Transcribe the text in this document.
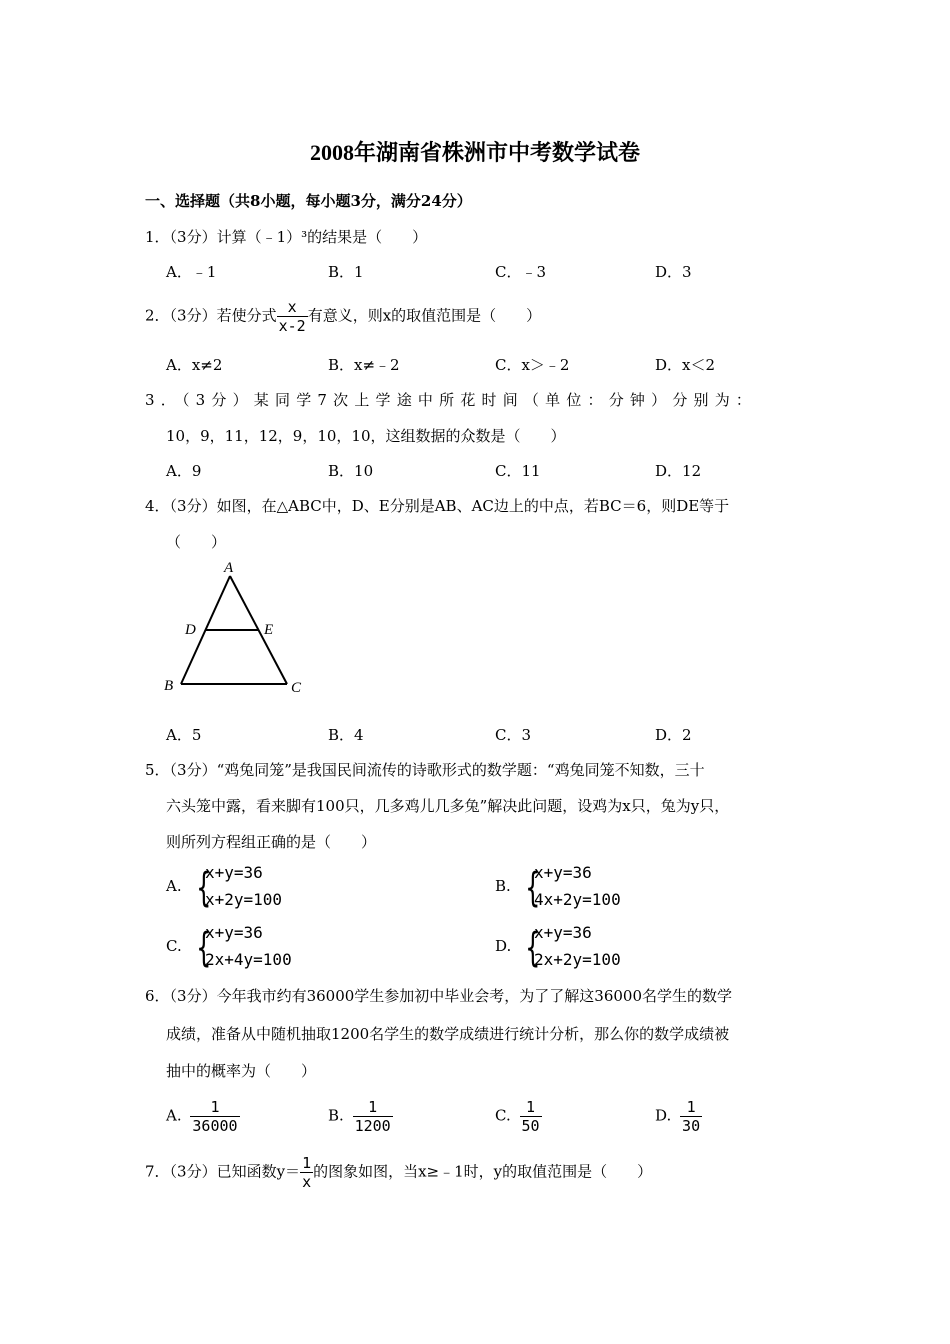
2008年湖南省株洲市中考数学试卷
一、选择题（共8小题，每小题3分，满分24分）
1．（3分）计算（﹣1）³的结果是（　　）
A．﹣1	B．1	C．﹣3	D．3
2．（3分）若使分式 $\frac{x}{x-2}$ 有意义，则x的取值范围是（　　）
A．x≠2	B．x≠﹣2	C．x＞﹣2	D．x＜2
3．（3分）某同学7次上学途中所花时间（单位：分钟）分别为：
10，9，11，12，9，10，10，这组数据的众数是（　　）
A．9	B．10	C．11	D．12
4．（3分）如图，在△ABC中，D、E分别是AB、AC边上的中点，若BC＝6，则DE等于
（　　）
A
B	C
D	E
A．5	B．4	C．3	D．2
5．（3分）“鸡兔同笼”是我国民间流传的诗歌形式的数学题：“鸡兔同笼不知数，三十
六头笼中露，看来脚有100只，几多鸡儿几多兔”解决此问题，设鸡为x只，兔为y只，
则所列方程组正确的是（　　）
A. {
x+y=36
x+2y=100
B. {
x+y=36
4x+2y=100
C. {
x+y=36
2x+4y=100
D. {
x+y=36
2x+2y=100
6．（3分）今年我市约有36000学生参加初中毕业会考，为了了解这36000名学生的数学
成绩，准备从中随机抽取1200名学生的数学成绩进行统计分析，那么你的数学成绩被
抽中的概率为（　　）
A. $\frac{1}{36000}$	B. $\frac{1}{1200}$	C. $\frac{1}{50}$	D. $\frac{1}{30}$
7．（3分）已知函数$y= \frac{1}{x}$ 的图象如图，当x≥﹣1时，y的取值范围是（　　）
